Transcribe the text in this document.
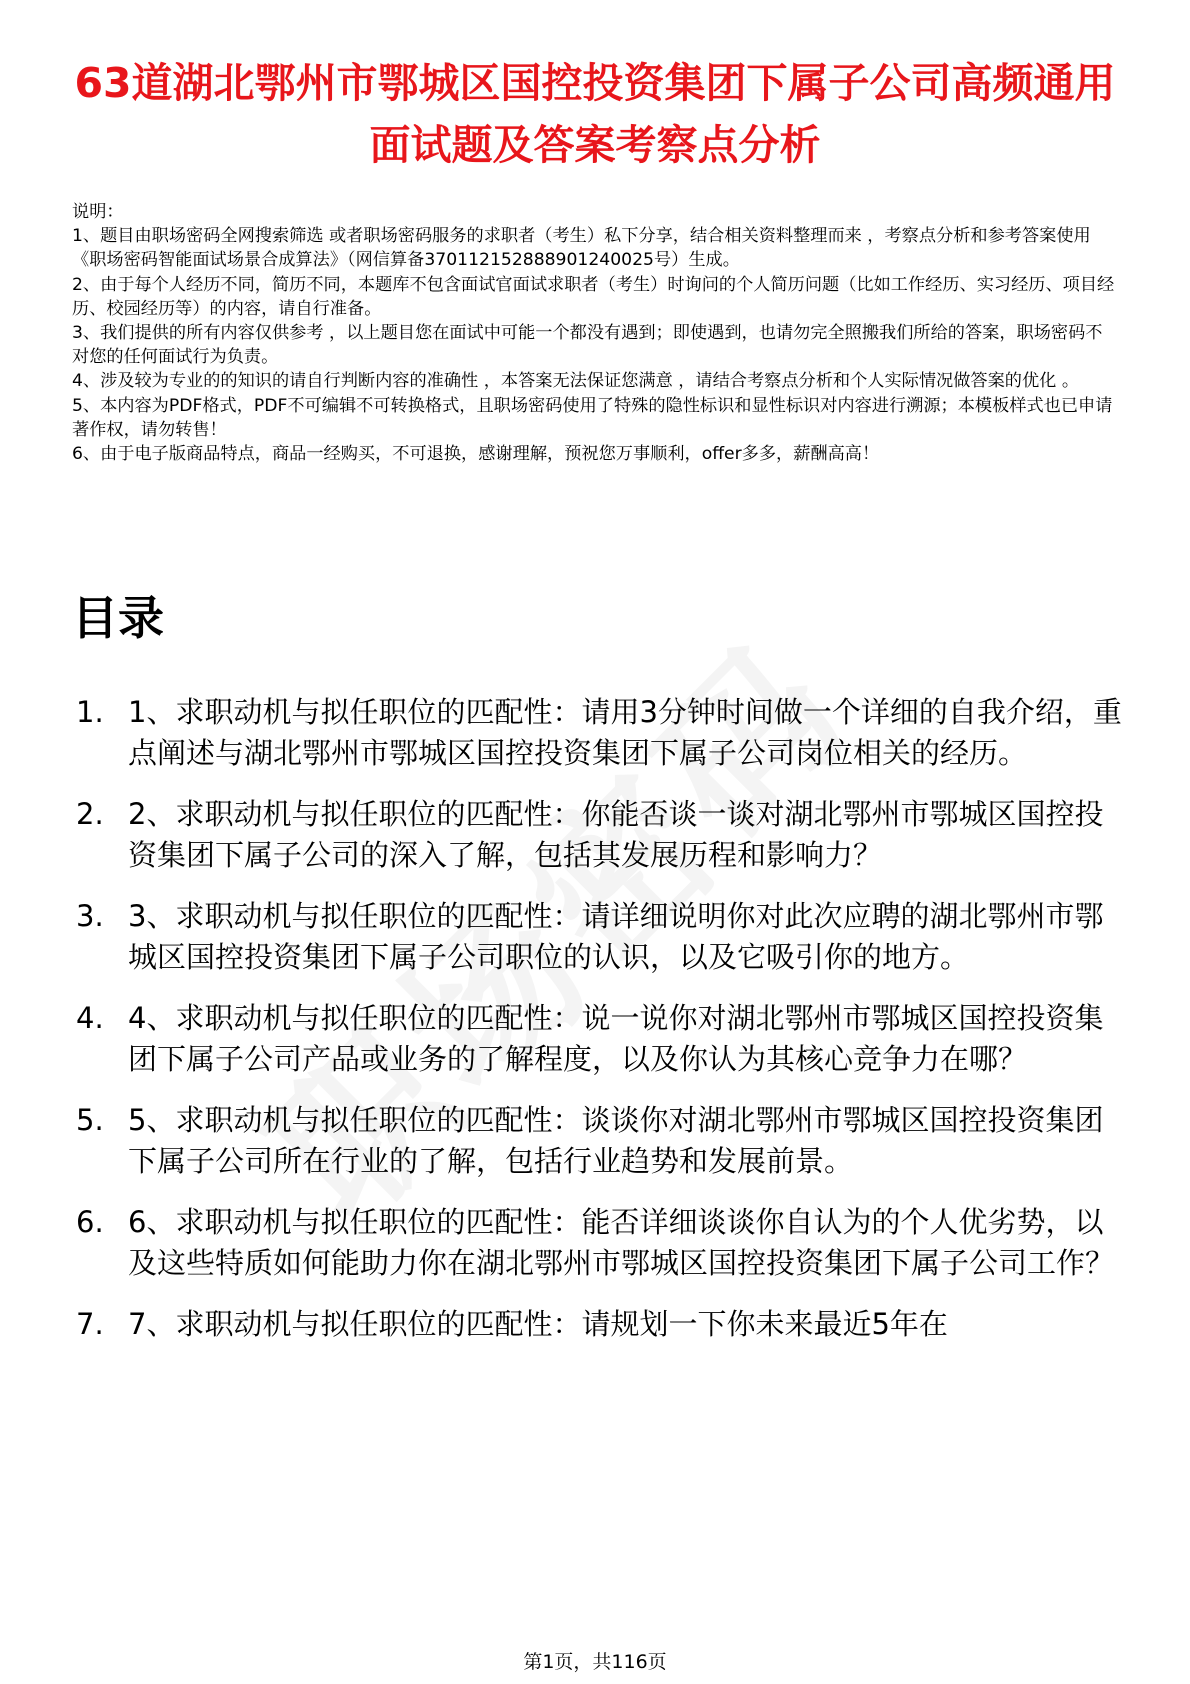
63道湖北鄂州市鄂城区国控投资集团下属子公司高频通用面试题及答案考察点分析
说明：
1、题目由职场密码全网搜索筛选 或者职场密码服务的求职者（考生）私下分享，结合相关资料整理而来 ，考察点分析和参考答案使用《职场密码智能面试场景合成算法》（网信算备370112152888901240025号）生成。
2、由于每个人经历不同，简历不同，本题库不包含面试官面试求职者（考生）时询问的个人简历问题（比如工作经历、实习经历、项目经历、校园经历等）的内容，请自行准备。
3、我们提供的所有内容仅供参考 ，以上题目您在面试中可能一个都没有遇到；即使遇到，也请勿完全照搬我们所给的答案，职场密码不对您的任何面试行为负责。
4、涉及较为专业的的知识的请自行判断内容的准确性 ，本答案无法保证您满意 ，请结合考察点分析和个人实际情况做答案的优化 。
5、本内容为PDF格式，PDF不可编辑不可转换格式，且职场密码使用了特殊的隐性标识和显性标识对内容进行溯源；本模板样式也已申请著作权，请勿转售！
6、由于电子版商品特点，商品一经购买，不可退换，感谢理解，预祝您万事顺利，offer多多，薪酬高高！
目录
1. 1、求职动机与拟任职位的匹配性：请用3分钟时间做一个详细的自我介绍，重点阐述与湖北鄂州市鄂城区国控投资集团下属子公司岗位相关的经历。
2. 2、求职动机与拟任职位的匹配性：你能否谈一谈对湖北鄂州市鄂城区国控投资集团下属子公司的深入了解，包括其发展历程和影响力？
3. 3、求职动机与拟任职位的匹配性：请详细说明你对此次应聘的湖北鄂州市鄂城区国控投资集团下属子公司职位的认识，以及它吸引你的地方。
4. 4、求职动机与拟任职位的匹配性：说一说你对湖北鄂州市鄂城区国控投资集团下属子公司产品或业务的了解程度，以及你认为其核心竞争力在哪？
5. 5、求职动机与拟任职位的匹配性：谈谈你对湖北鄂州市鄂城区国控投资集团下属子公司所在行业的了解，包括行业趋势和发展前景。
6. 6、求职动机与拟任职位的匹配性：能否详细谈谈你自认为的个人优劣势，以及这些特质如何能助力你在湖北鄂州市鄂城区国控投资集团下属子公司工作？
7. 7、求职动机与拟任职位的匹配性：请规划一下你未来最近5年在
第1页，共116页
